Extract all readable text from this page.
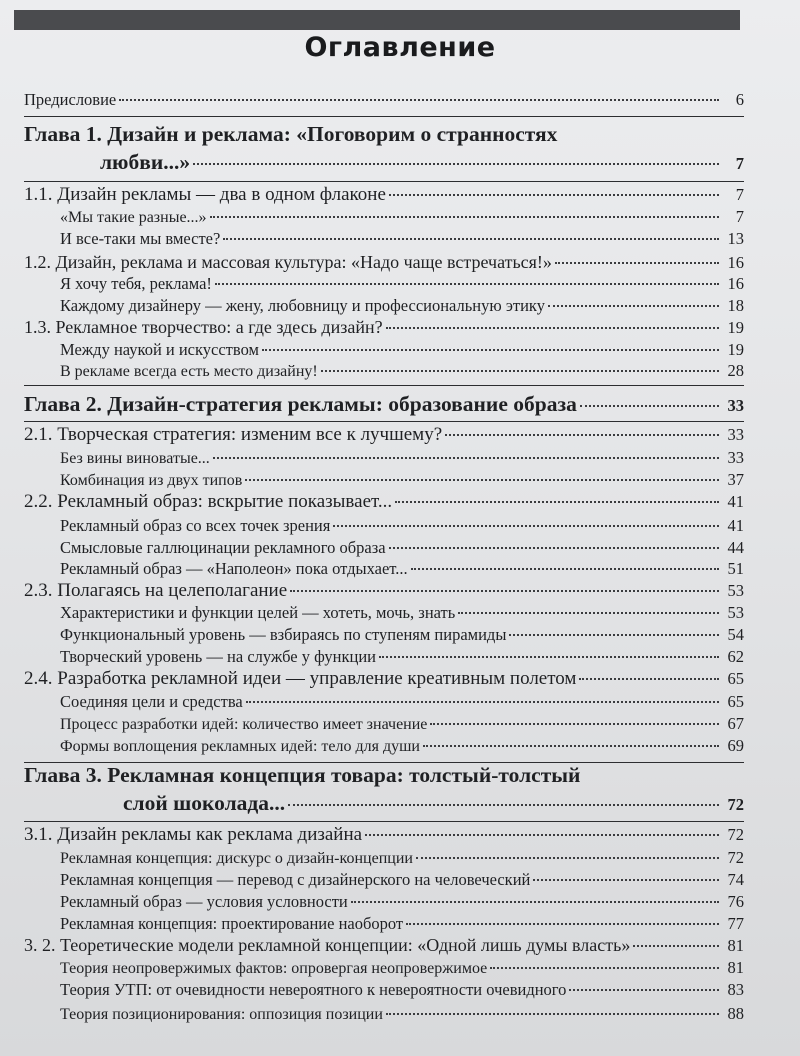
Оглавление
Предисловие	6
Глава 1. Дизайн и реклама: «Поговорим о странностях
любви...»	7
1.1. Дизайн рекламы — два в одном флаконе	7
«Мы такие разные...»	7
И все-таки мы вместе?	13
1.2. Дизайн, реклама и массовая культура: «Надо чаще встречаться!»	16
Я хочу тебя, реклама!	16
Каждому дизайнеру — жену, любовницу и профессиональную этику	18
1.3. Рекламное творчество: а где здесь дизайн?	19
Между наукой и искусством	19
В рекламе всегда есть место дизайну!	28
Глава 2. Дизайн-стратегия рекламы: образование образа	33
2.1. Творческая стратегия: изменим все к лучшему?	33
Без вины виноватые...	33
Комбинация из двух типов	37
2.2. Рекламный образ: вскрытие показывает...	41
Рекламный образ со всех точек зрения	41
Смысловые галлюцинации рекламного образа	44
Рекламный образ — «Наполеон» пока отдыхает...	51
2.3. Полагаясь на целеполагание	53
Характеристики и функции целей — хотеть, мочь, знать	53
Функциональный уровень — взбираясь по ступеням пирамиды	54
Творческий уровень — на службе у функции	62
2.4. Разработка рекламной идеи — управление креативным полетом	65
Соединяя цели и средства	65
Процесс разработки идей: количество имеет значение	67
Формы воплощения рекламных идей: тело для души	69
Глава 3. Рекламная концепция товара: толстый-толстый
слой шоколада...	72
3.1. Дизайн рекламы как реклама дизайна	72
Рекламная концепция: дискурс о дизайн-концепции	72
Рекламная концепция — перевод с дизайнерского на человеческий	74
Рекламный образ — условия условности	76
Рекламная концепция: проектирование наоборот	77
3. 2. Теоретические модели рекламной концепции: «Одной лишь думы власть»	81
Теория неопровержимых фактов: опровергая неопровержимое	81
Теория УТП: от очевидности невероятного к невероятности очевидного	83
Теория позиционирования: оппозиция позиции	88
